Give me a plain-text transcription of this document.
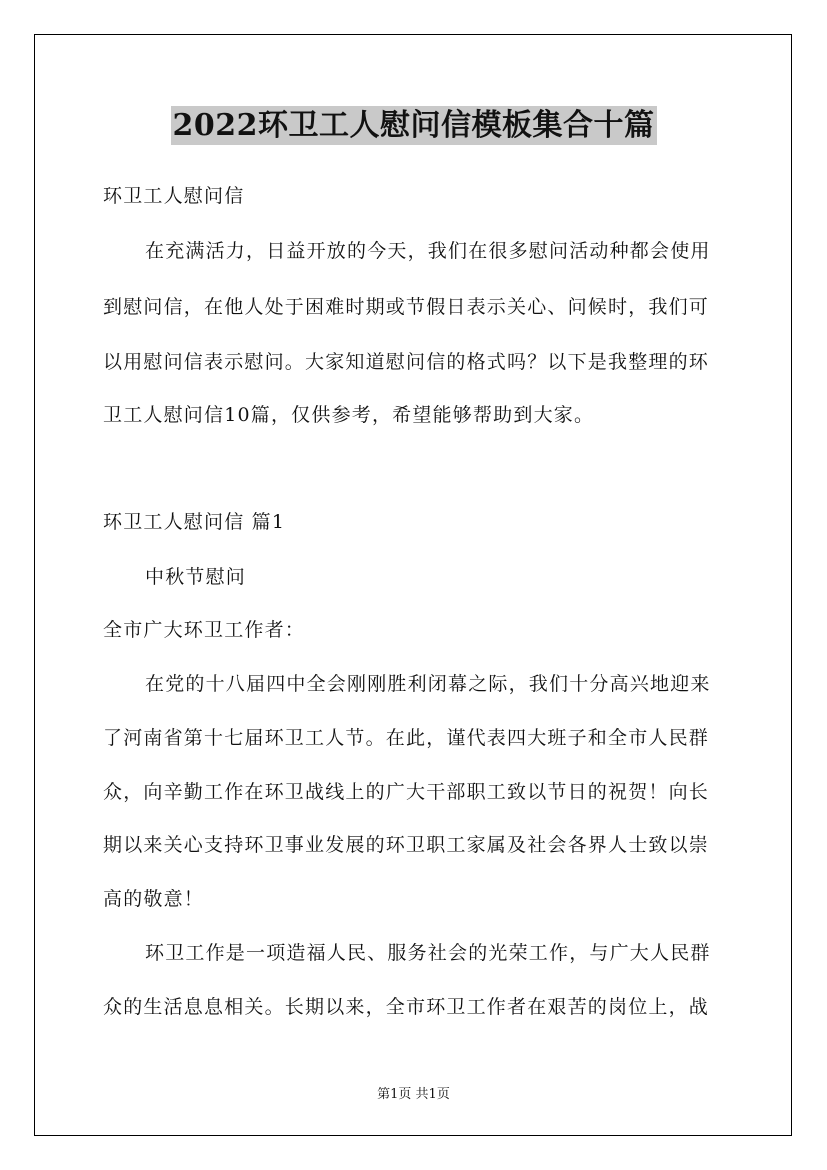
2022环卫工人慰问信模板集合十篇
环卫工人慰问信
在充满活力，日益开放的今天，我们在很多慰问活动种都会使用
到慰问信，在他人处于困难时期或节假日表示关心、问候时，我们可
以用慰问信表示慰问。大家知道慰问信的格式吗？以下是我整理的环
卫工人慰问信10篇，仅供参考，希望能够帮助到大家。
环卫工人慰问信 篇1
中秋节慰问
全市广大环卫工作者：
在党的十八届四中全会刚刚胜利闭幕之际，我们十分高兴地迎来
了河南省第十七届环卫工人节。在此，谨代表四大班子和全市人民群
众，向辛勤工作在环卫战线上的广大干部职工致以节日的祝贺！向长
期以来关心支持环卫事业发展的环卫职工家属及社会各界人士致以崇
高的敬意！
环卫工作是一项造福人民、服务社会的光荣工作，与广大人民群
众的生活息息相关。长期以来，全市环卫工作者在艰苦的岗位上，战
第1页 共1页
